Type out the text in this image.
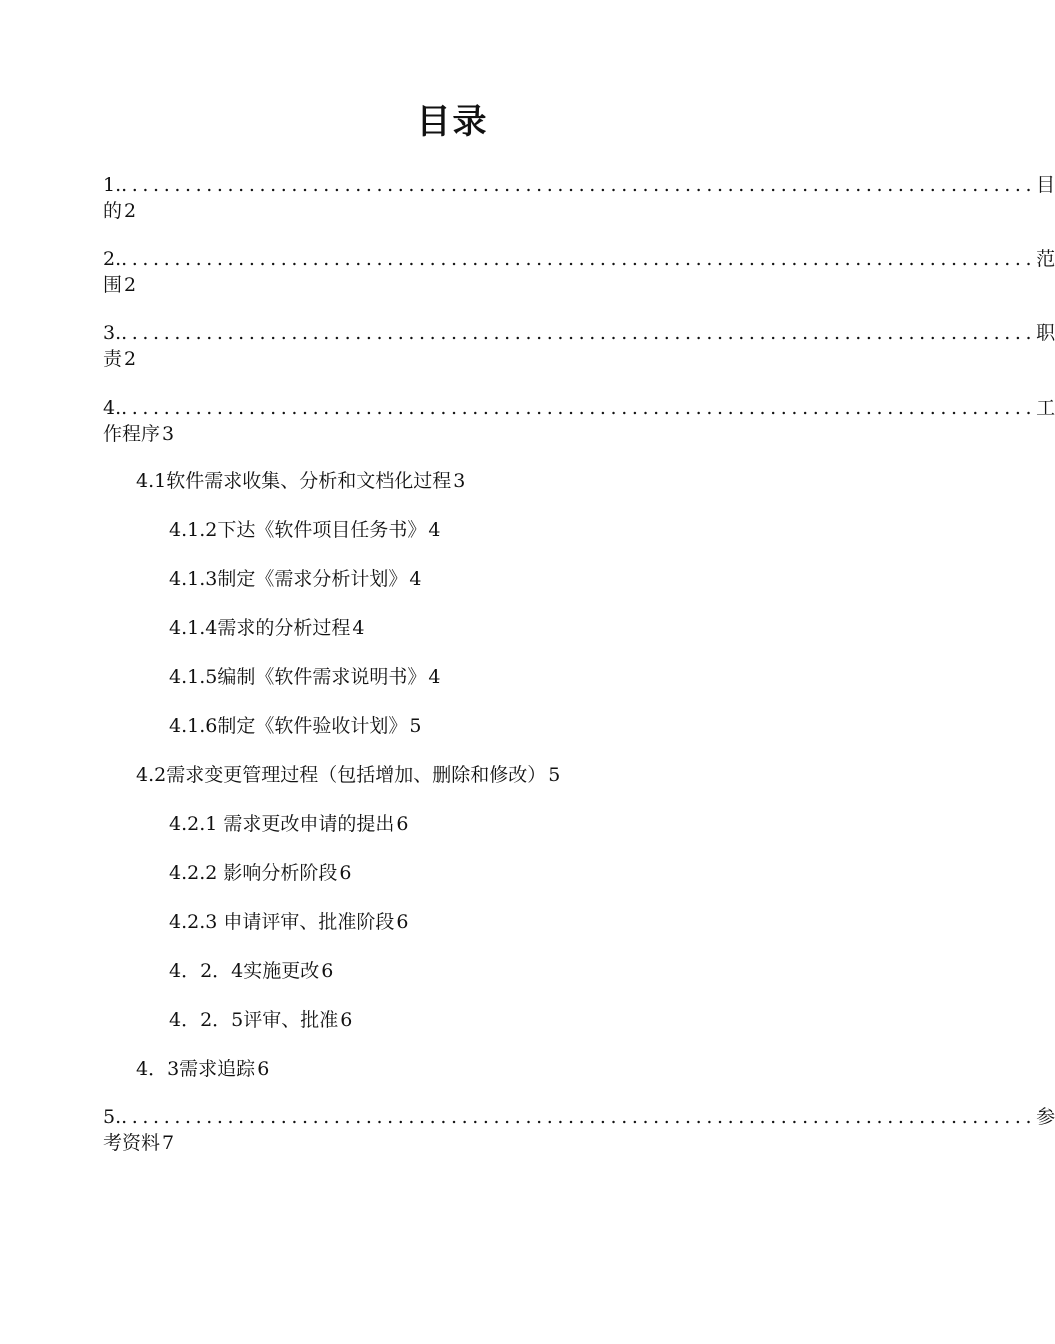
目录
1. ...................................................................................... 目
的 2
2. ...................................................................................... 范
围 2
3. ...................................................................................... 职
责 2
4. ...................................................................................... 工
作程序 3
4.1软件需求收集、分析和文档化过程 3
4.1.2下达《软件项目任务书》 4
4.1.3制定《需求分析计划》 4
4.1.4需求的分析过程 4
4.1.5编制《软件需求说明书》 4
4.1.6制定《软件验收计划》 5
4.2需求变更管理过程（包括增加、删除和修改） 5
4.2.1 需求更改申请的提出 6
4.2.2 影响分析阶段 6
4.2.3 申请评审、批准阶段 6
4．2．4实施更改 6
4．2．5评审、批准 6
4．3需求追踪 6
5. ...................................................................................... 参
考资料 7
